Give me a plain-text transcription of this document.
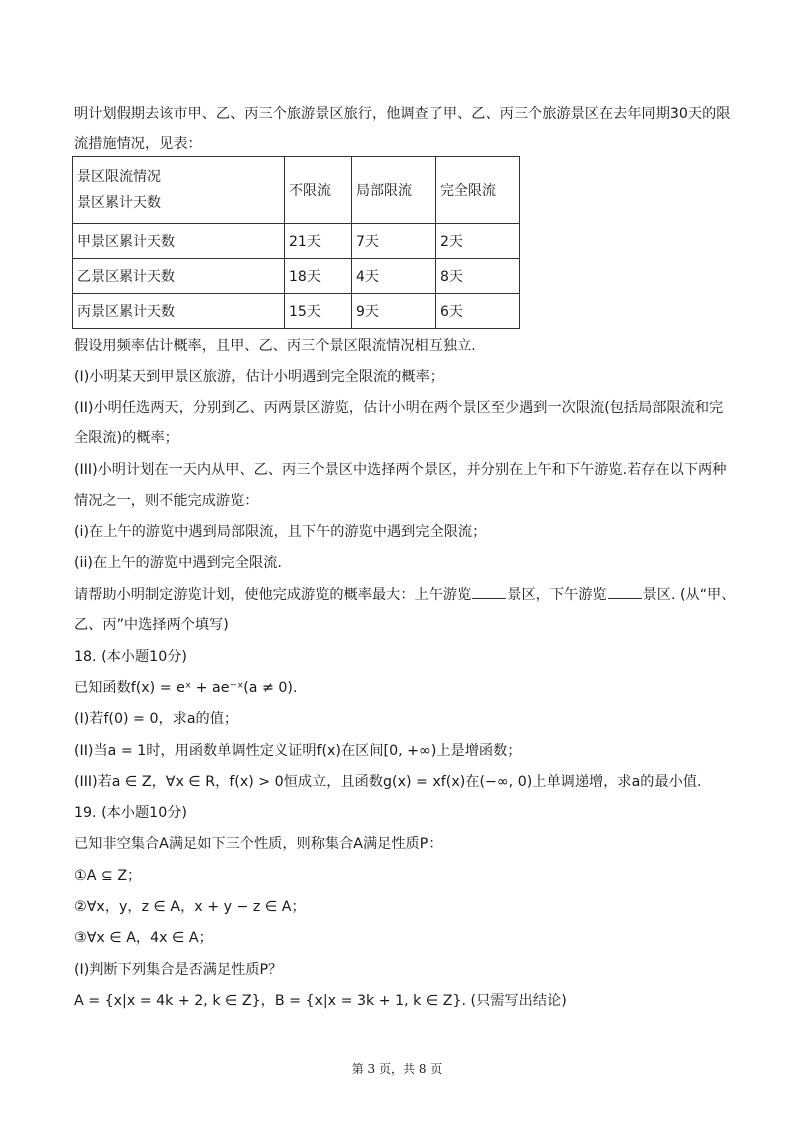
明计划假期去该市甲、乙、丙三个旅游景区旅行，他调查了甲、乙、丙三个旅游景区在去年同期30天的限
流措施情况，见表：
景区限流情况
景区累计天数	不限流	局部限流	完全限流
甲景区累计天数	21天	7天	2天
乙景区累计天数	18天	4天	8天
丙景区累计天数	15天	9天	6天
假设用频率估计概率，且甲、乙、丙三个景区限流情况相互独立.
(I)小明某天到甲景区旅游，估计小明遇到完全限流的概率；
(II)小明任选两天，分别到乙、丙两景区游览，估计小明在两个景区至少遇到一次限流(包括局部限流和完
全限流)的概率；
(III)小明计划在一天内从甲、乙、丙三个景区中选择两个景区，并分别在上午和下午游览.若存在以下两种
情况之一，则不能完成游览：
(i)在上午的游览中遇到局部限流，且下午的游览中遇到完全限流；
(ii)在上午的游览中遇到完全限流.
请帮助小明制定游览计划，使他完成游览的概率最大：上午游览	景区，下午游览	景区. (从“甲、
乙、丙”中选择两个填写)
18. (本小题10分)
已知函数f(x) = eˣ + ae⁻ˣ(a ≠ 0).
(I)若f(0) = 0，求a的值；
(II)当a = 1时，用函数单调性定义证明f(x)在区间[0, +∞)上是增函数；
(III)若a ∈ Z，∀x ∈ R，f(x) > 0恒成立，且函数g(x) = xf(x)在(−∞, 0)上单调递增，求a的最小值.
19. (本小题10分)
已知非空集合A满足如下三个性质，则称集合A满足性质P：
①A ⊆ Z；
②∀x，y，z ∈ A，x + y − z ∈ A；
③∀x ∈ A，4x ∈ A；
(I)判断下列集合是否满足性质P？
A = {x|x = 4k + 2, k ∈ Z}，B = {x|x = 3k + 1, k ∈ Z}. (只需写出结论)
第 3 页，共 8 页
